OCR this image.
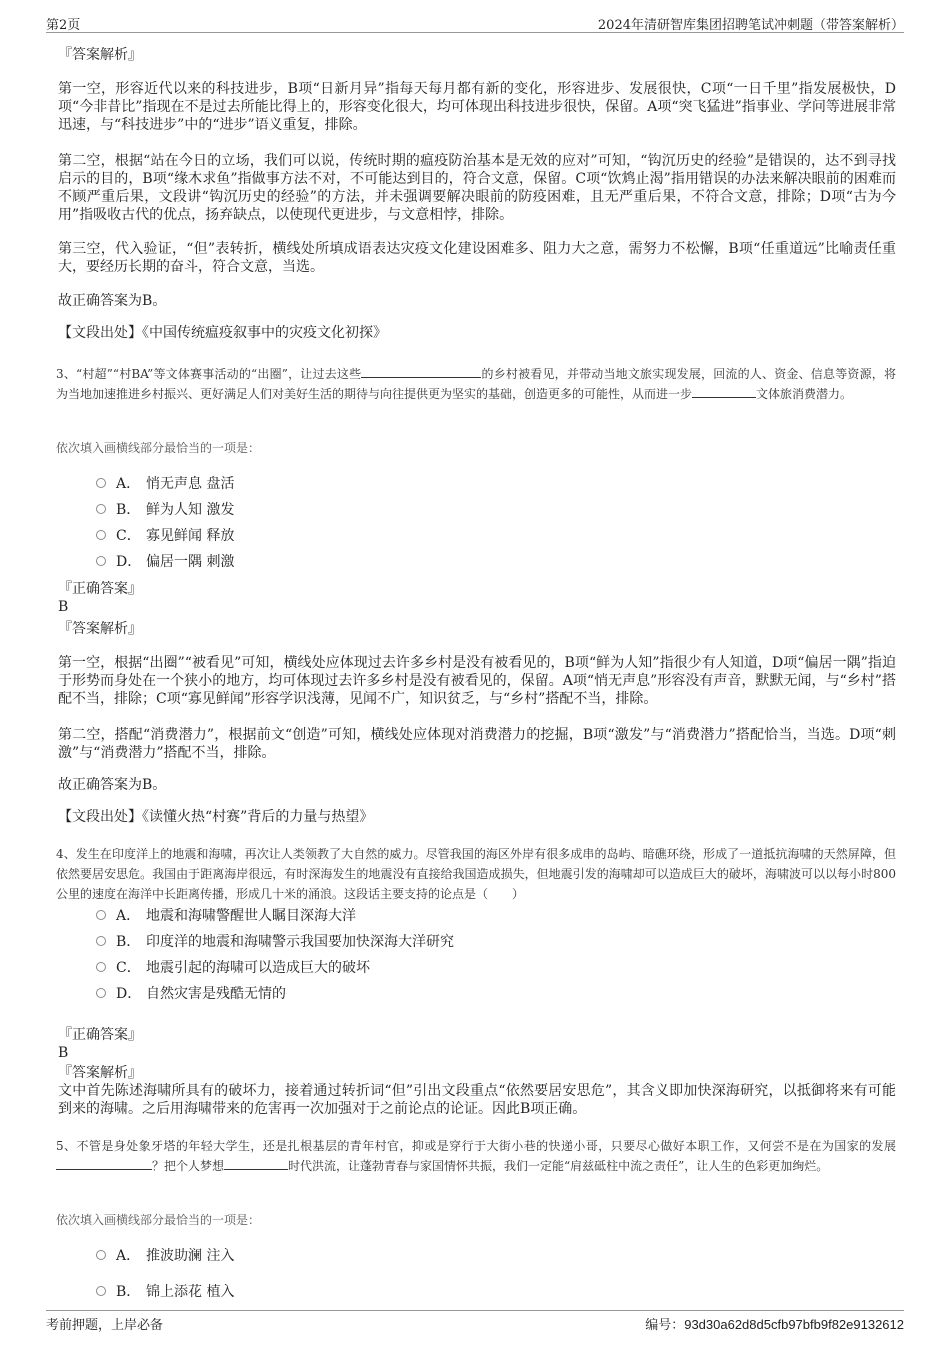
第2页	2024年清研智库集团招聘笔试冲刺题（带答案解析）

『答案解析』

第一空，形容近代以来的科技进步，B项“日新月异”指每天每月都有新的变化，形容进步、发展很快，C项“一日千里”指发展极快，D项“今非昔比”指现在不是过去所能比得上的，形容变化很大，均可体现出科技进步很快，保留。A项“突飞猛进”指事业、学问等进展非常迅速，与“科技进步”中的“进步”语义重复，排除。

第二空，根据“站在今日的立场，我们可以说，传统时期的瘟疫防治基本是无效的应对”可知，“钩沉历史的经验”是错误的，达不到寻找启示的目的，B项“缘木求鱼”指做事方法不对，不可能达到目的，符合文意，保留。C项“饮鸩止渴”指用错误的办法来解决眼前的困难而不顾严重后果，文段讲“钩沉历史的经验”的方法，并未强调要解决眼前的防疫困难，且无严重后果，不符合文意，排除；D项“古为今用”指吸收古代的优点，扬弃缺点，以使现代更进步，与文意相悖，排除。

第三空，代入验证，“但”表转折，横线处所填成语表达灾疫文化建设困难多、阻力大之意，需努力不松懈，B项“任重道远”比喻责任重大，要经历长期的奋斗，符合文意，当选。

故正确答案为B。

【文段出处】《中国传统瘟疫叙事中的灾疫文化初探》

3、“村超”“村BA”等文体赛事活动的“出圈”，让过去这些	的乡村被看见，并带动当地文旅实现发展，回流的人、资金、信息等资源，将为当地加速推进乡村振兴、更好满足人们对美好生活的期待与向往提供更为坚实的基础，创造更多的可能性，从而进一步	文体旅消费潜力。

依次填入画横线部分最恰当的一项是：

A． 悄无声息 盘活
B． 鲜为人知 激发
C． 寡见鲜闻 释放
D． 偏居一隅 刺激

『正确答案』

B

『答案解析』

第一空，根据“出圈”“被看见”可知，横线处应体现过去许多乡村是没有被看见的，B项“鲜为人知”指很少有人知道，D项“偏居一隅”指迫于形势而身处在一个狭小的地方，均可体现过去许多乡村是没有被看见的，保留。A项“悄无声息”形容没有声音，默默无闻，与“乡村”搭配不当，排除；C项“寡见鲜闻”形容学识浅薄，见闻不广，知识贫乏，与“乡村”搭配不当，排除。

第二空，搭配“消费潜力”，根据前文“创造”可知，横线处应体现对消费潜力的挖掘，B项“激发”与“消费潜力”搭配恰当，当选。D项“刺激”与“消费潜力”搭配不当，排除。

故正确答案为B。

【文段出处】《读懂火热“村赛”背后的力量与热望》

4、发生在印度洋上的地震和海啸，再次让人类领教了大自然的威力。尽管我国的海区外岸有很多成串的岛屿、暗礁环绕，形成了一道抵抗海啸的天然屏障，但依然要居安思危。我国由于距离海岸很远，有时深海发生的地震没有直接给我国造成损失，但地震引发的海啸却可以造成巨大的破坏，海啸波可以以每小时800公里的速度在海洋中长距离传播，形成几十米的涌浪。这段话主要支持的论点是（　　）

A． 地震和海啸警醒世人瞩目深海大洋
B． 印度洋的地震和海啸警示我国要加快深海大洋研究
C． 地震引起的海啸可以造成巨大的破坏
D． 自然灾害是残酷无情的

『正确答案』

B

『答案解析』

文中首先陈述海啸所具有的破坏力，接着通过转折词“但”引出文段重点“依然要居安思危”，其含义即加快深海研究，以抵御将来有可能到来的海啸。之后用海啸带来的危害再一次加强对于之前论点的论证。因此B项正确。

5、不管是身处象牙塔的年轻大学生，还是扎根基层的青年村官，抑或是穿行于大街小巷的快递小哥，只要尽心做好本职工作，又何尝不是在为国家的发展？把个人梦想	时代洪流，让蓬勃青春与家国情怀共振，我们一定能“肩兹砥柱中流之责任”，让人生的色彩更加绚烂。

依次填入画横线部分最恰当的一项是：

A． 推波助澜 注入
B． 锦上添花 植入
考前押题，上岸必备	编号：93d30a62d8d5cfb97bfb9f82e9132612
